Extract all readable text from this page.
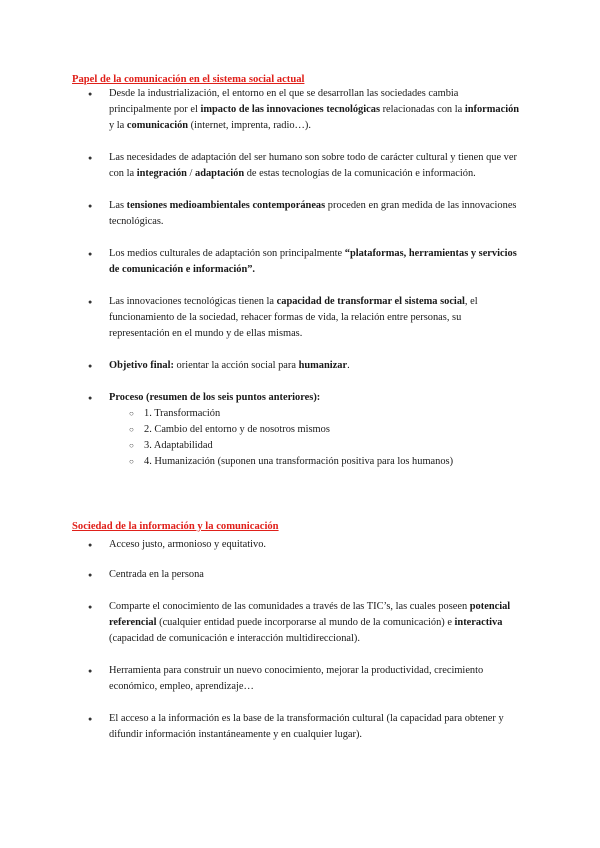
Papel de la comunicación en el sistema social actual
● Desde la industrialización, el entorno en el que se desarrollan las sociedades cambia principalmente por el impacto de las innovaciones tecnológicas relacionadas con la información y la comunicación (internet, imprenta, radio…).
● Las necesidades de adaptación del ser humano son sobre todo de carácter cultural y tienen que ver con la integración / adaptación de estas tecnologías de la comunicación e información.
● Las tensiones medioambientales contemporáneas proceden en gran medida de las innovaciones tecnológicas.
● Los medios culturales de adaptación son principalmente “plataformas, herramientas y servicios de comunicación e información”.
● Las innovaciones tecnológicas tienen la capacidad de transformar el sistema social, el funcionamiento de la sociedad, rehacer formas de vida, la relación entre personas, su representación en el mundo y de ellas mismas.
● Objetivo final: orientar la acción social para humanizar.
● Proceso (resumen de los seis puntos anteriores):
○ 1. Transformación
○ 2. Cambio del entorno y de nosotros mismos
○ 3. Adaptabilidad
○ 4. Humanización (suponen una transformación positiva para los humanos)
Sociedad de la información y la comunicación
● Acceso justo, armonioso y equitativo.
● Centrada en la persona
● Comparte el conocimiento de las comunidades a través de las TIC’s, las cuales poseen potencial referencial (cualquier entidad puede incorporarse al mundo de la comunicación) e interactiva (capacidad de comunicación e interacción multidireccional).
● Herramienta para construir un nuevo conocimiento, mejorar la productividad, crecimiento económico, empleo, aprendizaje…
● El acceso a la información es la base de la transformación cultural (la capacidad para obtener y difundir información instantáneamente y en cualquier lugar).
